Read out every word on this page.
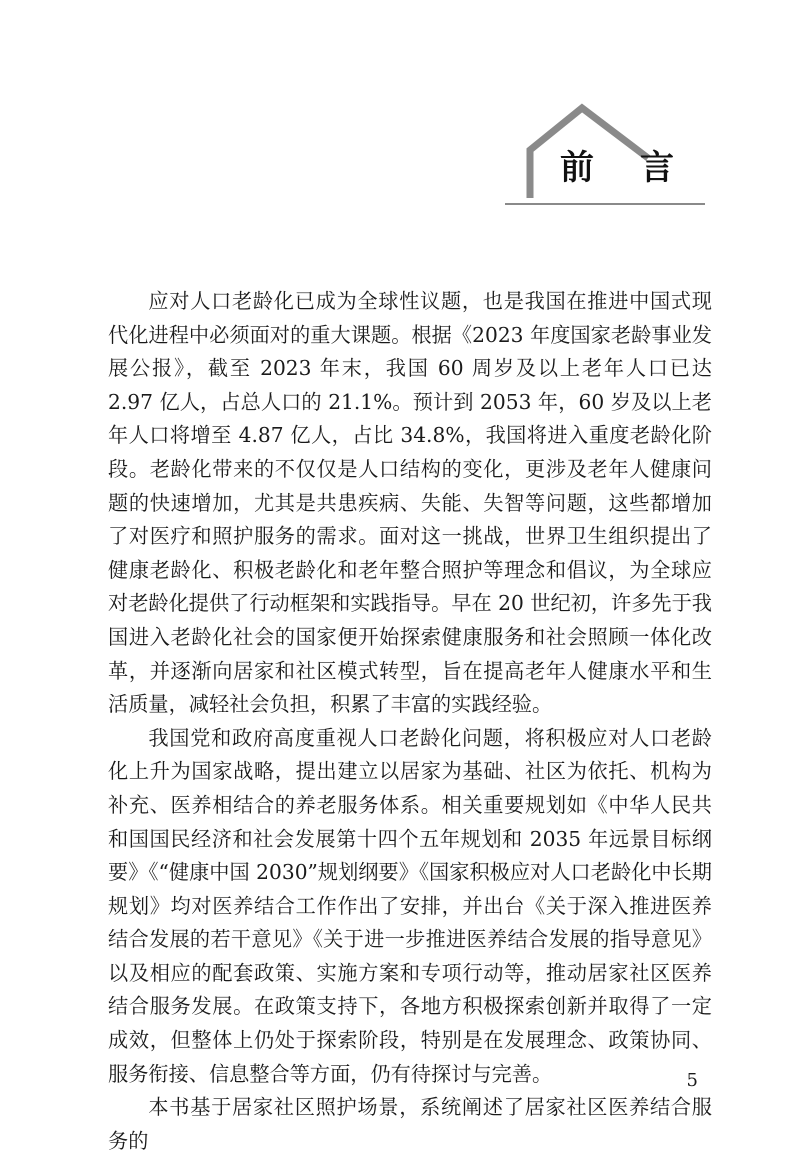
前言

应对人口老龄化已成为全球性议题，也是我国在推进中国式现代化进程中必须面对的重大课题。根据《2023 年度国家老龄事业发展公报》，截至 2023 年末，我国 60 周岁及以上老年人口已达 2.97 亿人，占总人口的 21.1%。预计到 2053 年，60 岁及以上老年人口将增至 4.87 亿人，占比 34.8%，我国将进入重度老龄化阶段。老龄化带来的不仅仅是人口结构的变化，更涉及老年人健康问题的快速增加，尤其是共患疾病、失能、失智等问题，这些都增加了对医疗和照护服务的需求。面对这一挑战，世界卫生组织提出了健康老龄化、积极老龄化和老年整合照护等理念和倡议，为全球应对老龄化提供了行动框架和实践指导。早在 20 世纪初，许多先于我国进入老龄化社会的国家便开始探索健康服务和社会照顾一体化改革，并逐渐向居家和社区模式转型，旨在提高老年人健康水平和生活质量，减轻社会负担，积累了丰富的实践经验。

我国党和政府高度重视人口老龄化问题，将积极应对人口老龄化上升为国家战略，提出建立以居家为基础、社区为依托、机构为补充、医养相结合的养老服务体系。相关重要规划如《中华人民共和国国民经济和社会发展第十四个五年规划和 2035 年远景目标纲要》《“健康中国 2030”规划纲要》《国家积极应对人口老龄化中长期规划》均对医养结合工作作出了安排，并出台《关于深入推进医养结合发展的若干意见》《关于进一步推进医养结合发展的指导意见》以及相应的配套政策、实施方案和专项行动等，推动居家社区医养结合服务发展。在政策支持下，各地方积极探索创新并取得了一定成效，但整体上仍处于探索阶段，特别是在发展理念、政策协同、服务衔接、信息整合等方面，仍有待探讨与完善。

本书基于居家社区照护场景，系统阐述了居家社区医养结合服务的

5
